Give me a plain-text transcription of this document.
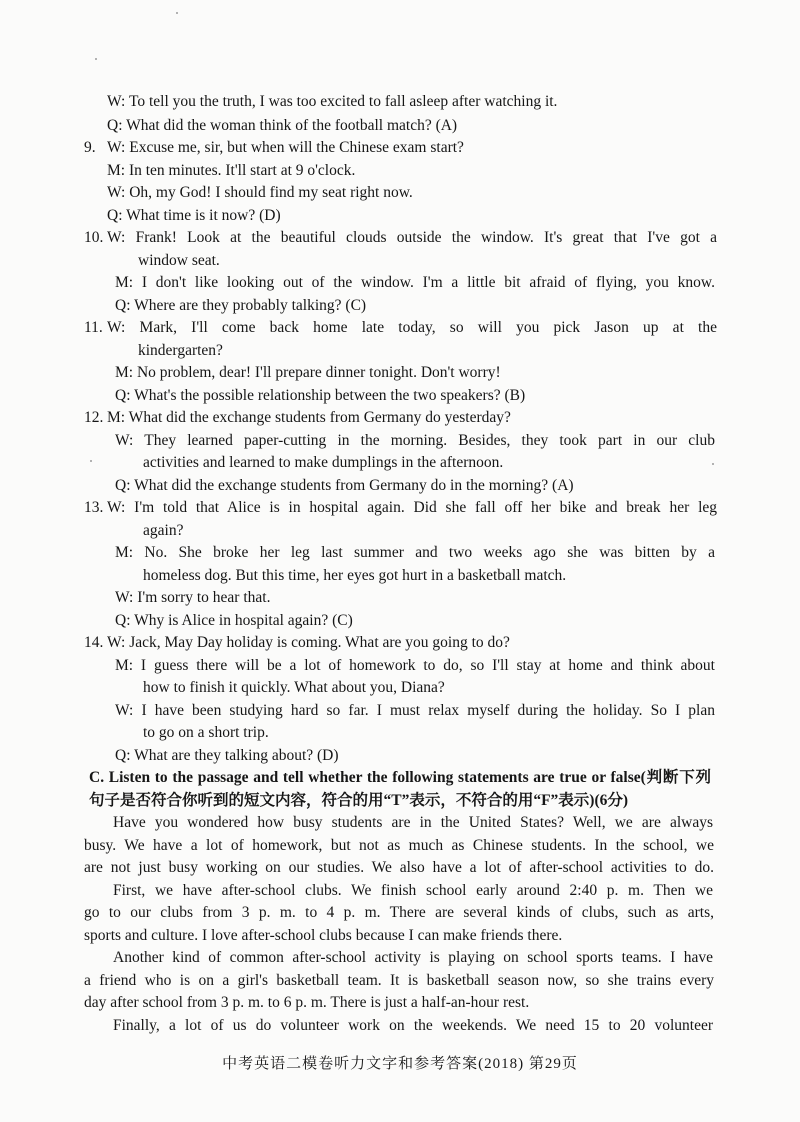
W: To tell you the truth, I was too excited to fall asleep after watching it.
Q: What did the woman think of the football match? (A)
9. W: Excuse me, sir, but when will the Chinese exam start?
M: In ten minutes. It'll start at 9 o'clock.
W: Oh, my God! I should find my seat right now.
Q: What time is it now? (D)
10. W: Frank! Look at the beautiful clouds outside the window. It's great that I've got a
window seat.
M: I don't like looking out of the window. I'm a little bit afraid of flying, you know.
Q: Where are they probably talking? (C)
11. W: Mark, I'll come back home late today, so will you pick Jason up at the
kindergarten?
M: No problem, dear! I'll prepare dinner tonight. Don't worry!
Q: What's the possible relationship between the two speakers? (B)
12. M: What did the exchange students from Germany do yesterday?
W: They learned paper-cutting in the morning. Besides, they took part in our club
activities and learned to make dumplings in the afternoon.
Q: What did the exchange students from Germany do in the morning? (A)
13. W: I'm told that Alice is in hospital again. Did she fall off her bike and break her leg
again?
M: No. She broke her leg last summer and two weeks ago she was bitten by a
homeless dog. But this time, her eyes got hurt in a basketball match.
W: I'm sorry to hear that.
Q: Why is Alice in hospital again? (C)
14. W: Jack, May Day holiday is coming. What are you going to do?
M: I guess there will be a lot of homework to do, so I'll stay at home and think about
how to finish it quickly. What about you, Diana?
W: I have been studying hard so far. I must relax myself during the holiday. So I plan
to go on a short trip.
Q: What are they talking about? (D)
C. Listen to the passage and tell whether the following statements are true or false(判断下列
句子是否符合你听到的短文内容，符合的用“T”表示，不符合的用“F”表示)(6分)
Have you wondered how busy students are in the United States? Well, we are always
busy. We have a lot of homework, but not as much as Chinese students. In the school, we
are not just busy working on our studies. We also have a lot of after-school activities to do.
First, we have after-school clubs. We finish school early around 2:40 p. m. Then we
go to our clubs from 3 p. m. to 4 p. m. There are several kinds of clubs, such as arts,
sports and culture. I love after-school clubs because I can make friends there.
Another kind of common after-school activity is playing on school sports teams. I have
a friend who is on a girl's basketball team. It is basketball season now, so she trains every
day after school from 3 p. m. to 6 p. m. There is just a half-an-hour rest.
Finally, a lot of us do volunteer work on the weekends. We need 15 to 20 volunteer
中考英语二模卷听力文字和参考答案(2018) 第29页
